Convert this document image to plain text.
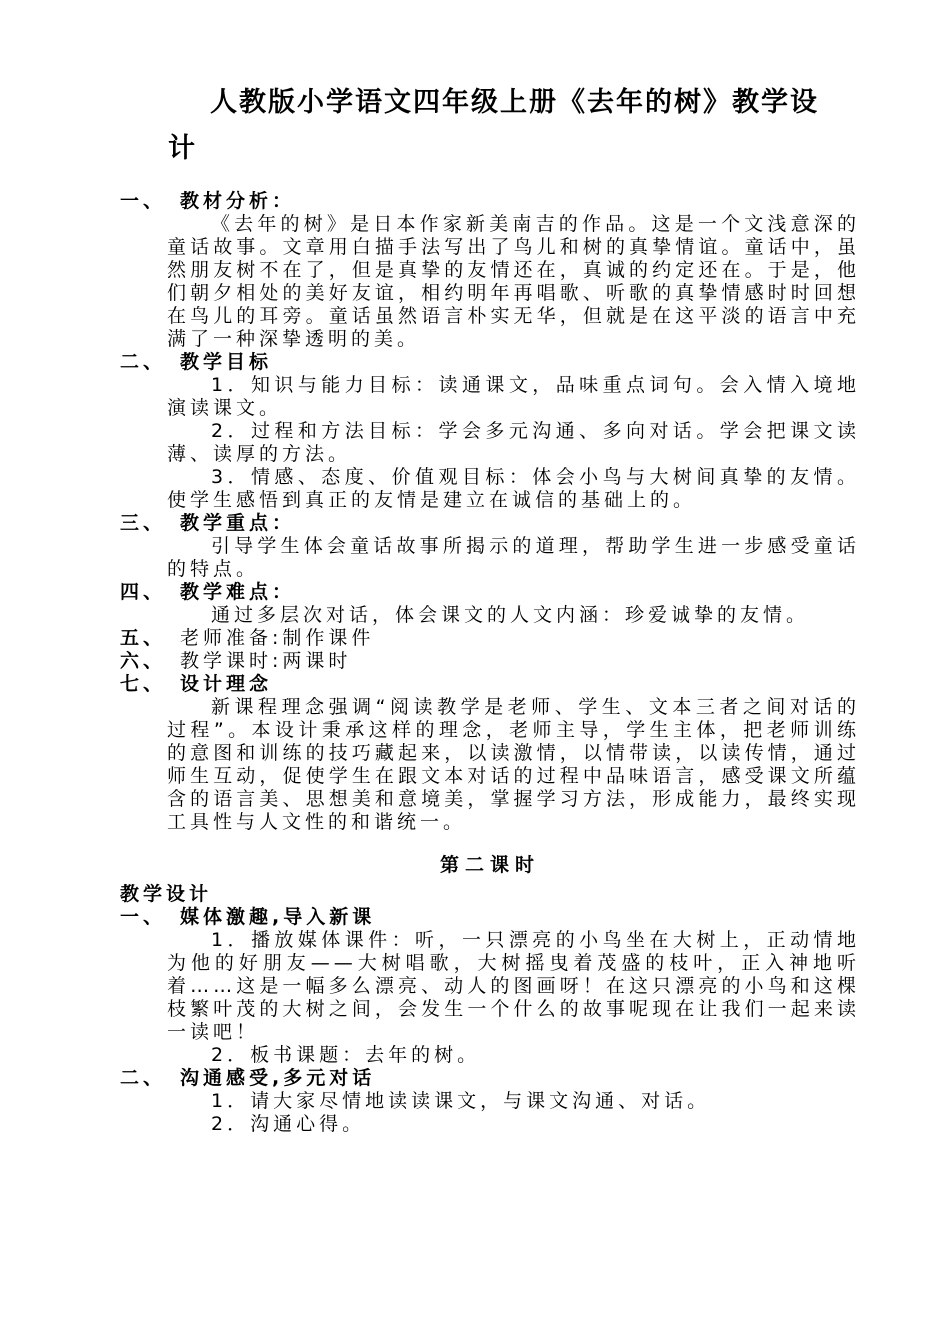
人教版小学语文四年级上册《去年的树》教学设
计
一、 教材分析：
《去年的树》是日本作家新美南吉的作品。这是一个文浅意深的童话故事。文章用白描手法写出了鸟儿和树的真挚情谊。童话中，虽然朋友树不在了，但是真挚的友情还在，真诚的约定还在。于是，他们朝夕相处的美好友谊，相约明年再唱歌、听歌的真挚情感时时回想在鸟儿的耳旁。童话虽然语言朴实无华，但就是在这平淡的语言中充满了一种深挚透明的美。
二、 教学目标
1．知识与能力目标：读通课文，品味重点词句。会入情入境地演读课文。
2．过程和方法目标：学会多元沟通、多向对话。学会把课文读薄、读厚的方法。
3．情感、态度、价值观目标：体会小鸟与大树间真挚的友情。使学生感悟到真正的友情是建立在诚信的基础上的。
三、 教学重点：
引导学生体会童话故事所揭示的道理，帮助学生进一步感受童话的特点。
四、 教学难点：
通过多层次对话，体会课文的人文内涵：珍爱诚挚的友情。
五、 老师准备:制作课件
六、 教学课时:两课时
七、 设计理念
新课程理念强调“阅读教学是老师、学生、文本三者之间对话的过程”。本设计秉承这样的理念，老师主导，学生主体，把老师训练的意图和训练的技巧藏起来，以读激情，以情带读，以读传情，通过师生互动，促使学生在跟文本对话的过程中品味语言，感受课文所蕴含的语言美、思想美和意境美，掌握学习方法，形成能力，最终实现工具性与人文性的和谐统一。
第二课时
教学设计
一、 媒体激趣,导入新课
1．播放媒体课件：听，一只漂亮的小鸟坐在大树上，正动情地为他的好朋友——大树唱歌，大树摇曳着茂盛的枝叶，正入神地听着……这是一幅多么漂亮、动人的图画呀！在这只漂亮的小鸟和这棵枝繁叶茂的大树之间，会发生一个什么的故事呢现在让我们一起来读一读吧！
2．板书课题：去年的树。
二、 沟通感受,多元对话
1．请大家尽情地读读课文，与课文沟通、对话。
2．沟通心得。
